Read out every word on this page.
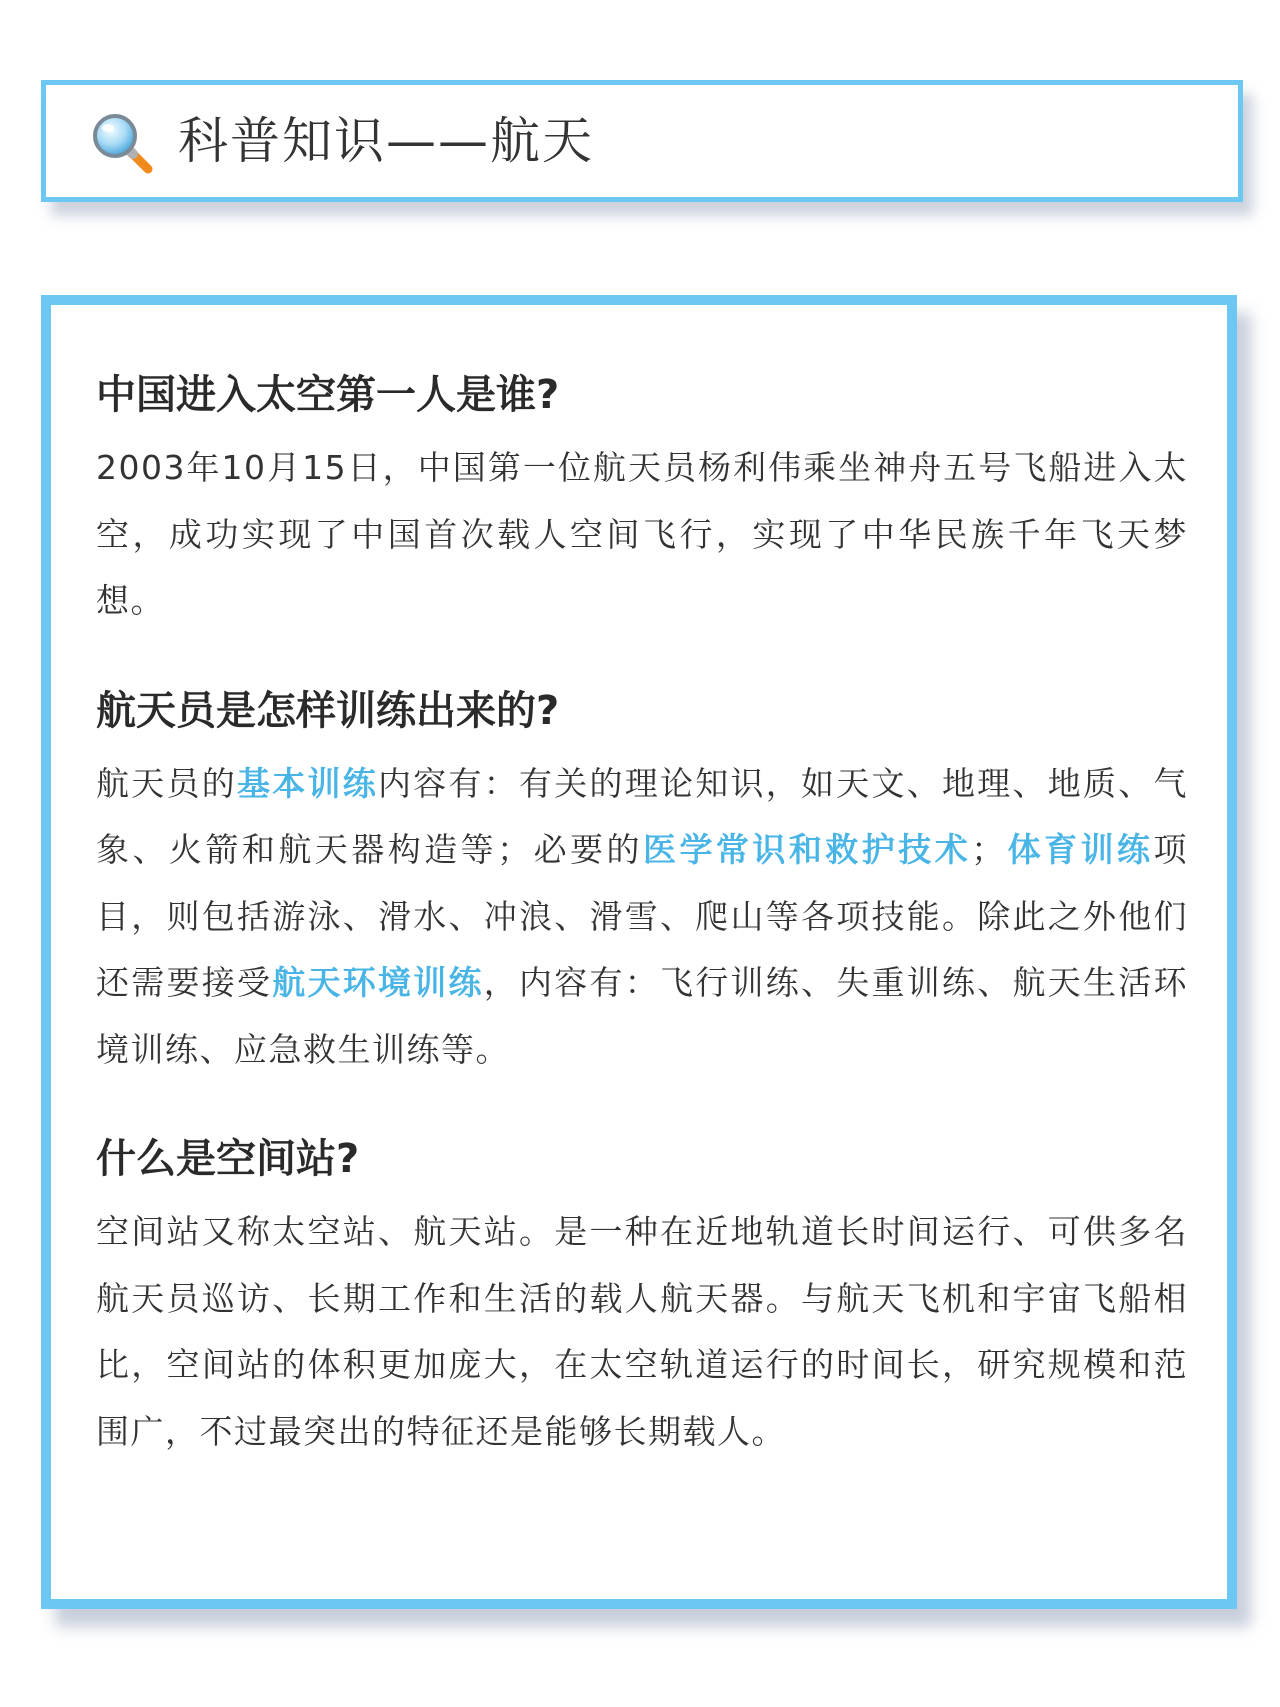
科普知识——航天
中国进入太空第一人是谁?

2003年10月15日，中国第一位航天员杨利伟乘坐神舟五号飞船进入太空，成功实现了中国首次载人空间飞行，实现了中华民族千年飞天梦想。

航天员是怎样训练出来的?

航天员的基本训练内容有：有关的理论知识，如天文、地理、地质、气象、火箭和航天器构造等；必要的医学常识和救护技术；体育训练项目，则包括游泳、滑水、冲浪、滑雪、爬山等各项技能。除此之外他们还需要接受航天环境训练，内容有：飞行训练、失重训练、航天生活环境训练、应急救生训练等。

什么是空间站?

空间站又称太空站、航天站。是一种在近地轨道长时间运行、可供多名航天员巡访、长期工作和生活的载人航天器。与航天飞机和宇宙飞船相比，空间站的体积更加庞大，在太空轨道运行的时间长，研究规模和范围广，不过最突出的特征还是能够长期载人。
